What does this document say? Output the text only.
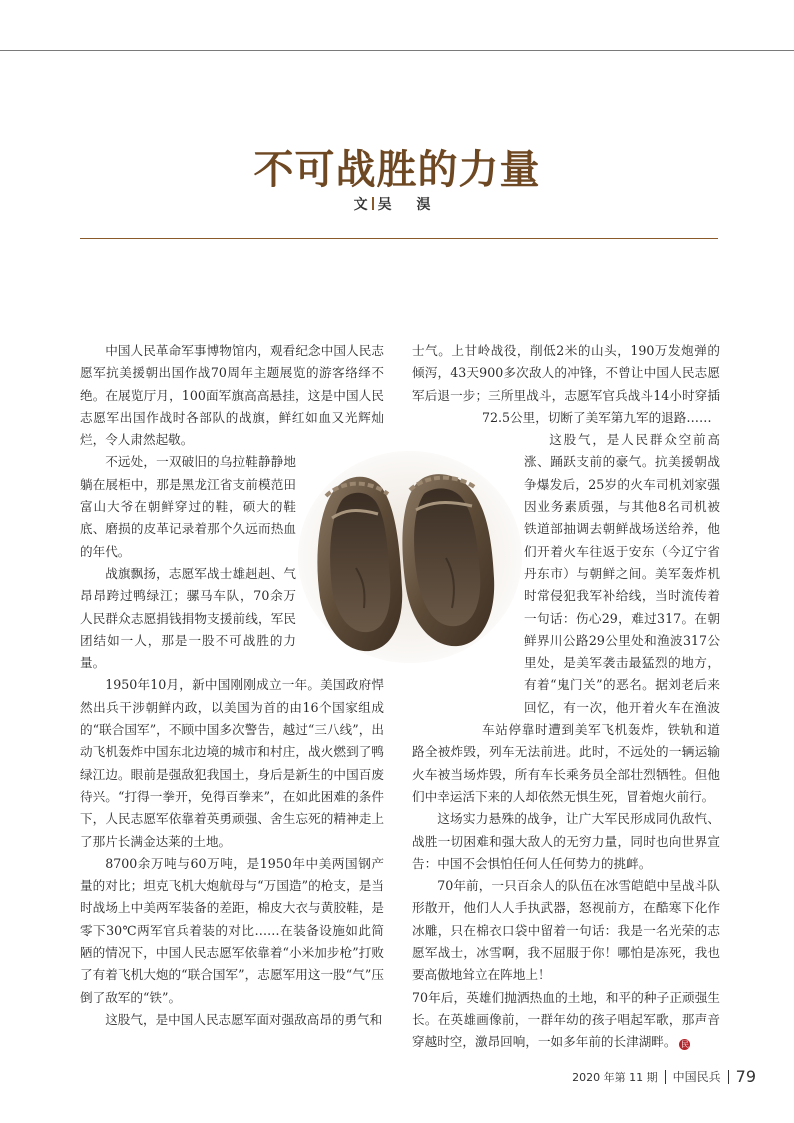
不可战胜的力量
文 吴 淏

中国人民革命军事博物馆内，观看纪念中国人民志愿军抗美援朝出国作战70周年主题展览的游客络绎不绝。在展览厅月，100面军旗高高悬挂，这是中国人民志愿军出国作战时各部队的战旗，鲜红如血又光辉灿烂，令人肃然起敬。

不远处，一双破旧的乌拉鞋静静地躺在展柜中，那是黑龙江省支前模范田富山大爷在朝鲜穿过的鞋，硕大的鞋底、磨损的皮革记录着那个久远而热血的年代。

战旗飘扬，志愿军战士雄赳赳、气昂昂跨过鸭绿江；骡马车队，70余万人民群众志愿捐钱捐物支援前线，军民团结如一人，那是一股不可战胜的力量。

1950年10月，新中国刚刚成立一年。美国政府悍然出兵干涉朝鲜内政，以美国为首的由16个国家组成的“联合国军”，不顾中国多次警告，越过“三八线”，出动飞机轰炸中国东北边境的城市和村庄，战火燃到了鸭绿江边。眼前是强敌犯我国土，身后是新生的中国百废待兴。“打得一拳开，免得百拳来”，在如此困难的条件下，人民志愿军依靠着英勇顽强、舍生忘死的精神走上了那片长满金达莱的土地。

8700余万吨与60万吨，是1950年中美两国钢产量的对比；坦克飞机大炮航母与“万国造”的枪支，是当时战场上中美两军装备的差距，棉皮大衣与黄胶鞋，是零下30℃两军官兵着装的对比……在装备设施如此简陋的情况下，中国人民志愿军依靠着“小米加步枪”打败了有着飞机大炮的“联合国军”，志愿军用这一股“气”压倒了敌军的“铁”。

这股气，是中国人民志愿军面对强敌高昂的勇气和

士气。上甘岭战役，削低2米的山头，190万发炮弹的倾泻，43天900多次敌人的冲锋，不曾让中国人民志愿军后退一步；三所里战斗，志愿军官兵战斗14小时穿插72.5公里，切断了美军第九军的退路……

这股气，是人民群众空前高涨、踊跃支前的豪气。抗美援朝战争爆发后，25岁的火车司机刘家强因业务素质强，与其他8名司机被铁道部抽调去朝鲜战场送给养，他们开着火车往返于安东（今辽宁省丹东市）与朝鲜之间。美军轰炸机时常侵犯我军补给线，当时流传着一句话：伤心29，难过317。在朝鲜界川公路29公里处和渔波317公里处，是美军袭击最猛烈的地方，有着“鬼门关”的恶名。据刘老后来回忆，有一次，他开着火车在渔波车站停靠时遭到美军飞机轰炸，铁轨和道路全被炸毁，列车无法前进。此时，不远处的一辆运输火车被当场炸毁，所有车长乘务员全部壮烈牺牲。但他们中幸运活下来的人却依然无惧生死，冒着炮火前行。

这场实力悬殊的战争，让广大军民形成同仇敌忾、战胜一切困难和强大敌人的无穷力量，同时也向世界宣告：中国不会惧怕任何人任何势力的挑衅。

70年前，一只百余人的队伍在冰雪皑皑中呈战斗队形散开，他们人人手执武器，怒视前方，在酷寒下化作冰雕，只在棉衣口袋中留着一句话：我是一名光荣的志愿军战士，冰雪啊，我不屈服于你！哪怕是冻死，我也要高傲地耸立在阵地上！

70年后，英雄们抛洒热血的土地，和平的种子正顽强生长。在英雄画像前，一群年幼的孩子唱起军歌，那声音穿越时空，激昂回响，一如多年前的长津湖畔。 民
2020 年第 11 期 中国民兵 79
